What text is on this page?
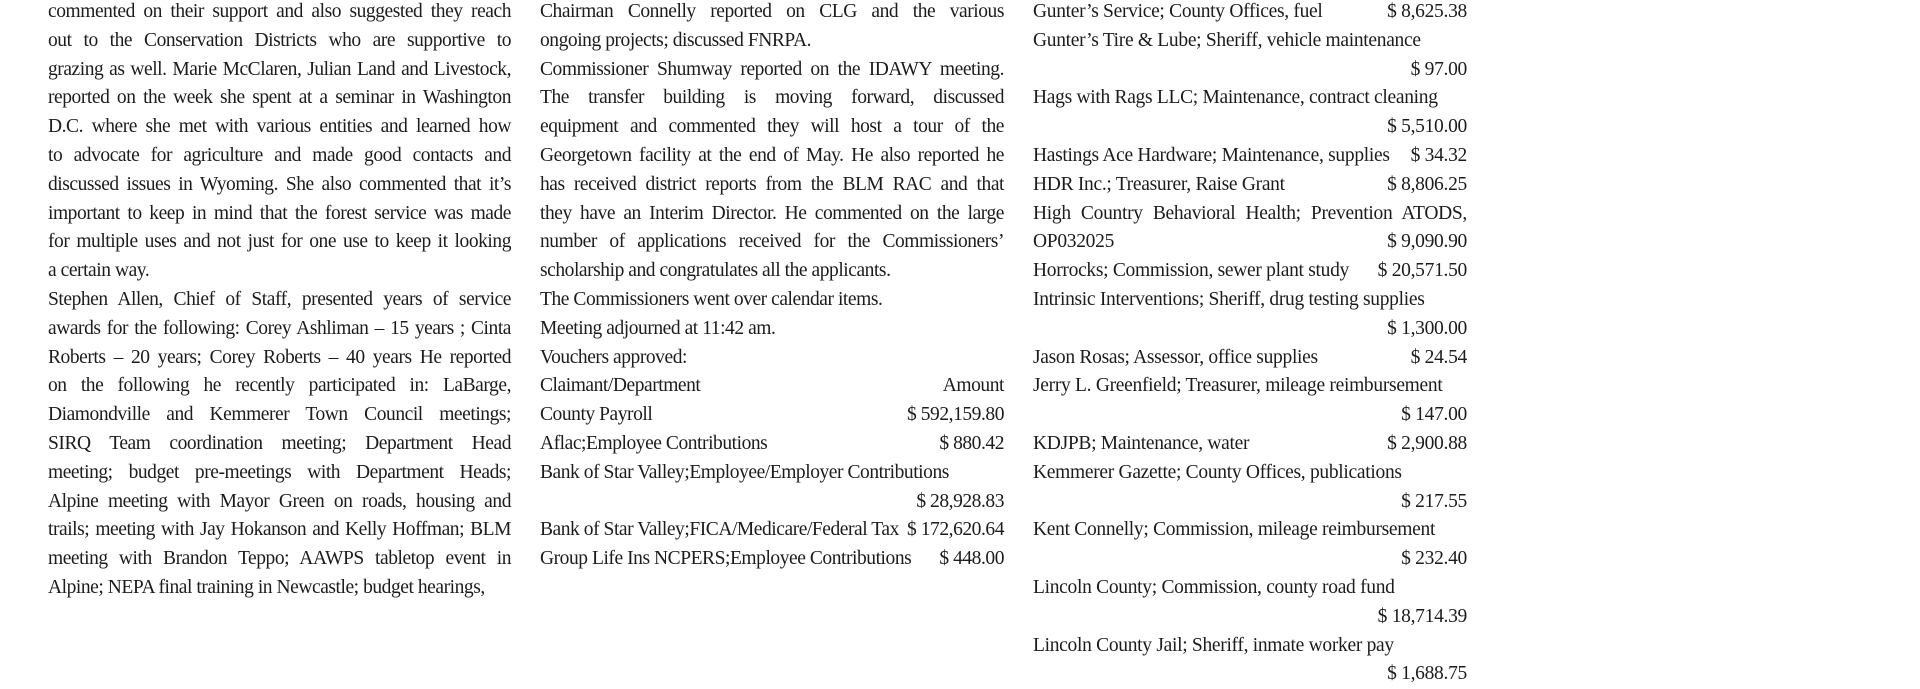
commented on their support and also suggested they reach
out to the Conservation Districts who are supportive to
grazing as well. Marie McClaren, Julian Land and Livestock,
reported on the week she spent at a seminar in Washington
D.C. where she met with various entities and learned how
to advocate for agriculture and made good contacts and
discussed issues in Wyoming. She also commented that it’s
important to keep in mind that the forest service was made
for multiple uses and not just for one use to keep it looking
a certain way.
Stephen Allen, Chief of Staff, presented years of service
awards for the following: Corey Ashliman – 15 years ; Cinta
Roberts – 20 years; Corey Roberts – 40 years He reported
on the following he recently participated in: LaBarge,
Diamondville and Kemmerer Town Council meetings;
SIRQ Team coordination meeting; Department Head
meeting; budget pre-meetings with Department Heads;
Alpine meeting with Mayor Green on roads, housing and
trails; meeting with Jay Hokanson and Kelly Hoffman; BLM
meeting with Brandon Teppo; AAWPS tabletop event in
Alpine; NEPA final training in Newcastle; budget hearings,
Chairman Connelly reported on CLG and the various
ongoing projects; discussed FNRPA.
Commissioner Shumway reported on the IDAWY meeting.
The transfer building is moving forward, discussed
equipment and commented they will host a tour of the
Georgetown facility at the end of May. He also reported he
has received district reports from the BLM RAC and that
they have an Interim Director. He commented on the large
number of applications received for the Commissioners’
scholarship and congratulates all the applicants.
The Commissioners went over calendar items.
Meeting adjourned at 11:42 am.
Vouchers approved:
Claimant/Department	Amount
County Payroll	$ 592,159.80
Aflac;Employee Contributions	$ 880.42
Bank of Star Valley;Employee/Employer Contributions
$ 28,928.83
Bank of Star Valley;FICA/Medicare/Federal Tax $ 172,620.64
Group Life Ins NCPERS;Employee Contributions $ 448.00
Gunter’s Service; County Offices, fuel	$ 8,625.38
Gunter’s Tire & Lube; Sheriff, vehicle maintenance
$ 97.00
Hags with Rags LLC; Maintenance, contract cleaning
$ 5,510.00
Hastings Ace Hardware; Maintenance, supplies $ 34.32
HDR Inc.; Treasurer, Raise Grant	$ 8,806.25
High Country Behavioral Health; Prevention ATODS, OP032025	$ 9,090.90
Horrocks; Commission, sewer plant study $ 20,571.50
Intrinsic Interventions; Sheriff, drug testing supplies
$ 1,300.00
Jason Rosas; Assessor, office supplies	$ 24.54
Jerry L. Greenfield; Treasurer, mileage reimbursement
$ 147.00
KDJPB; Maintenance, water	$ 2,900.88
Kemmerer Gazette; County Offices, publications
$ 217.55
Kent Connelly; Commission, mileage reimbursement
$ 232.40
Lincoln County; Commission, county road fund
$ 18,714.39
Lincoln County Jail; Sheriff, inmate worker pay
$ 1,688.75
